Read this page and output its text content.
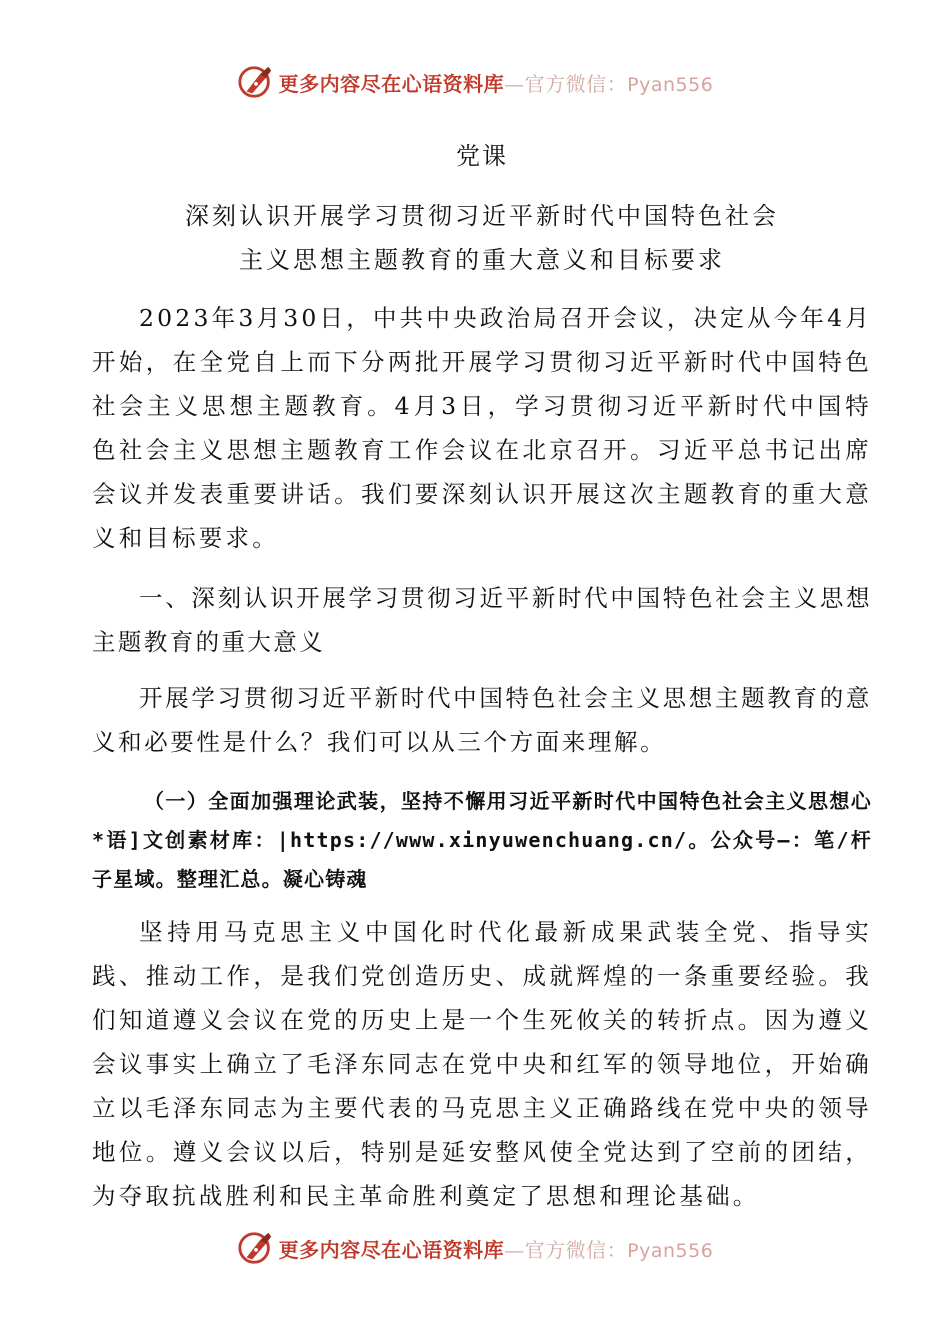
更多内容尽在心语资料库—官方微信：Pyan556
党课
深刻认识开展学习贯彻习近平新时代中国特色社会
主义思想主题教育的重大意义和目标要求

2023年3月30日，中共中央政治局召开会议，决定从今年4月开始，在全党自上而下分两批开展学习贯彻习近平新时代中国特色社会主义思想主题教育。4月3日，学习贯彻习近平新时代中国特色社会主义思想主题教育工作会议在北京召开。习近平总书记出席会议并发表重要讲话。我们要深刻认识开展这次主题教育的重大意义和目标要求。

一、深刻认识开展学习贯彻习近平新时代中国特色社会主义思想主题教育的重大意义

开展学习贯彻习近平新时代中国特色社会主义思想主题教育的意义和必要性是什么？我们可以从三个方面来理解。

（一）全面加强理论武装，坚持不懈用习近平新时代中国特色社会主义思想心*语]文创素材库：|https://www.xinyuwenchuang.cn/。公众号—：笔/杆子星域。整理汇总。凝心铸魂

坚持用马克思主义中国化时代化最新成果武装全党、指导实践、推动工作，是我们党创造历史、成就辉煌的一条重要经验。我们知道遵义会议在党的历史上是一个生死攸关的转折点。因为遵义会议事实上确立了毛泽东同志在党中央和红军的领导地位，开始确立以毛泽东同志为主要代表的马克思主义正确路线在党中央的领导地位。遵义会议以后，特别是延安整风使全党达到了空前的团结，为夺取抗战胜利和民主革命胜利奠定了思想和理论基础。

更多内容尽在心语资料库—官方微信：Pyan556
